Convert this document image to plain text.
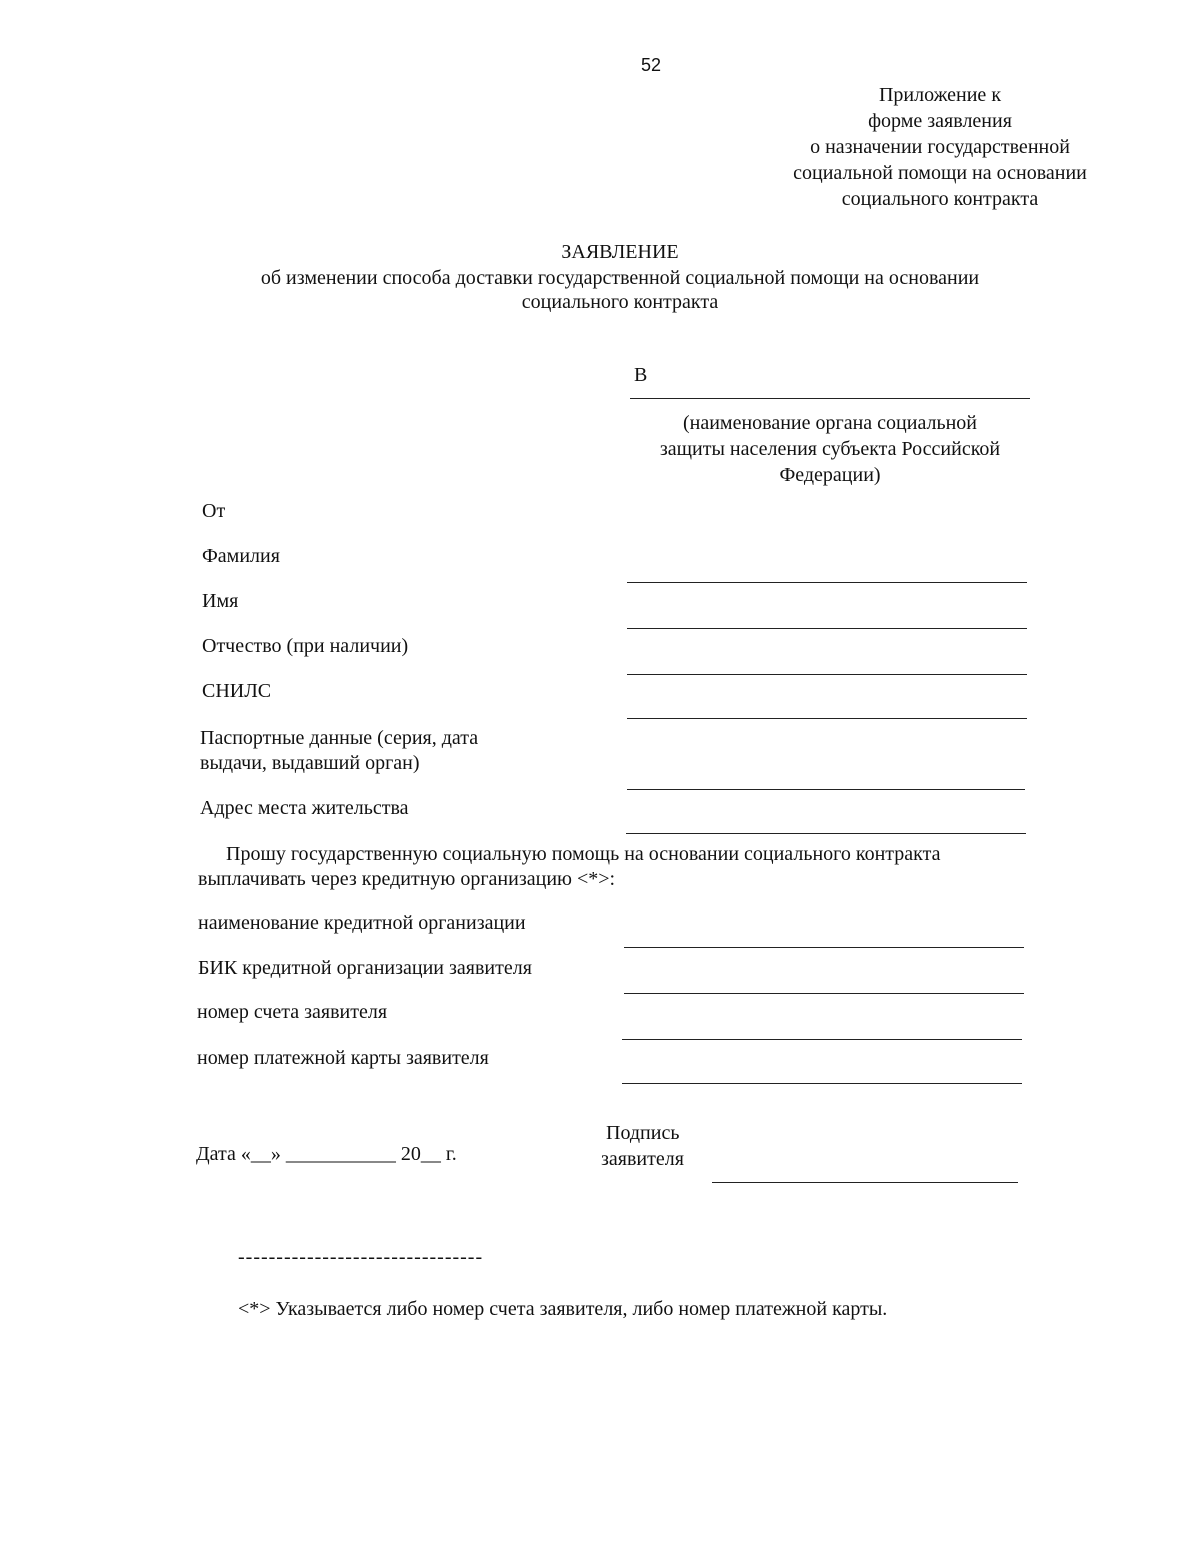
52
Приложение к
форме заявления
о назначении государственной
социальной помощи на основании
социального контракта
ЗАЯВЛЕНИЕ
об изменении способа доставки государственной социальной помощи на основании
социального контракта
В
(наименование органа социальной
защиты населения субъекта Российской
Федерации)
От
Фамилия
Имя
Отчество (при наличии)
СНИЛС
Паспортные данные (серия, дата
выдачи, выдавший орган)
Адрес места жительства
Прошу государственную социальную помощь на основании социального контракта
выплачивать через кредитную организацию <*>:
наименование кредитной организации
БИК кредитной организации заявителя
номер счета заявителя
номер платежной карты заявителя
Дата «__» ___________ 20__ г.
Подпись
заявителя
--------------------------------
<*> Указывается либо номер счета заявителя, либо номер платежной карты.
